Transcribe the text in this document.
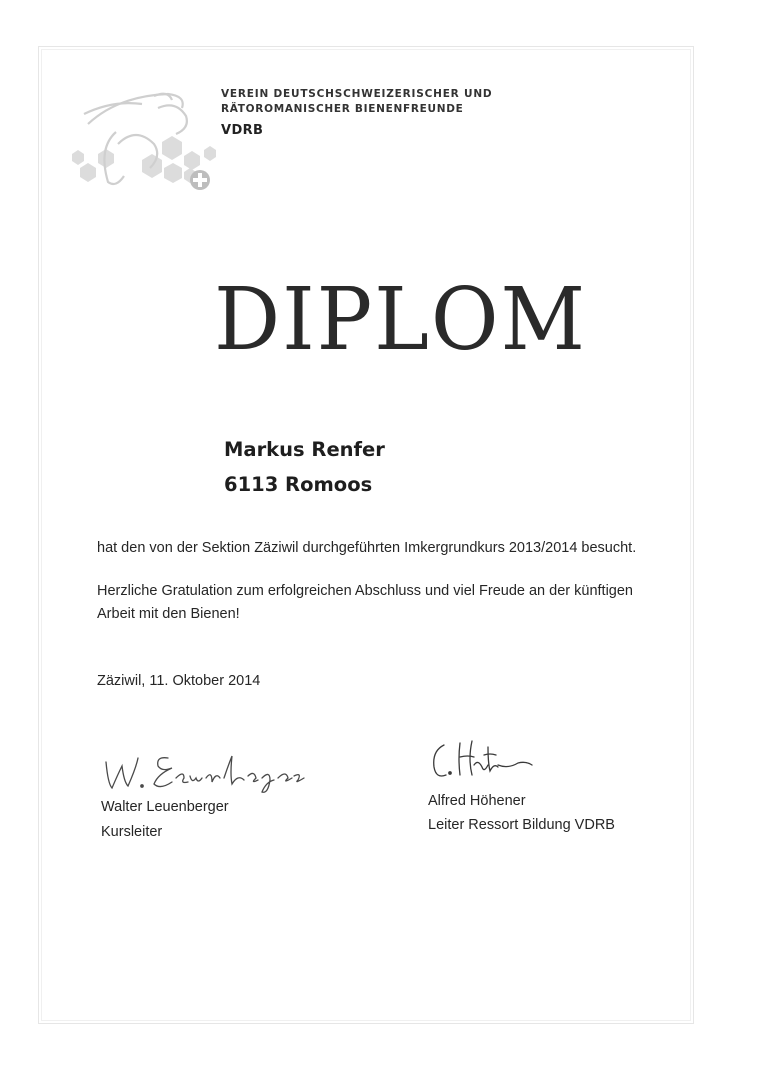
VEREIN DEUTSCHSCHWEIZERISCHER UND
RÄTOROMANISCHER BIENENFREUNDE
VDRB
DIPLOM
Markus Renfer
6113 Romoos
hat den von der Sektion Zäziwil durchgeführten Imkergrundkurs 2013/2014 besucht.
Herzliche Gratulation zum erfolgreichen Abschluss und viel Freude an der künftigen
Arbeit mit den Bienen!
Zäziwil, 11. Oktober 2014
Walter Leuenberger
Kursleiter
Alfred Höhener
Leiter Ressort Bildung VDRB
